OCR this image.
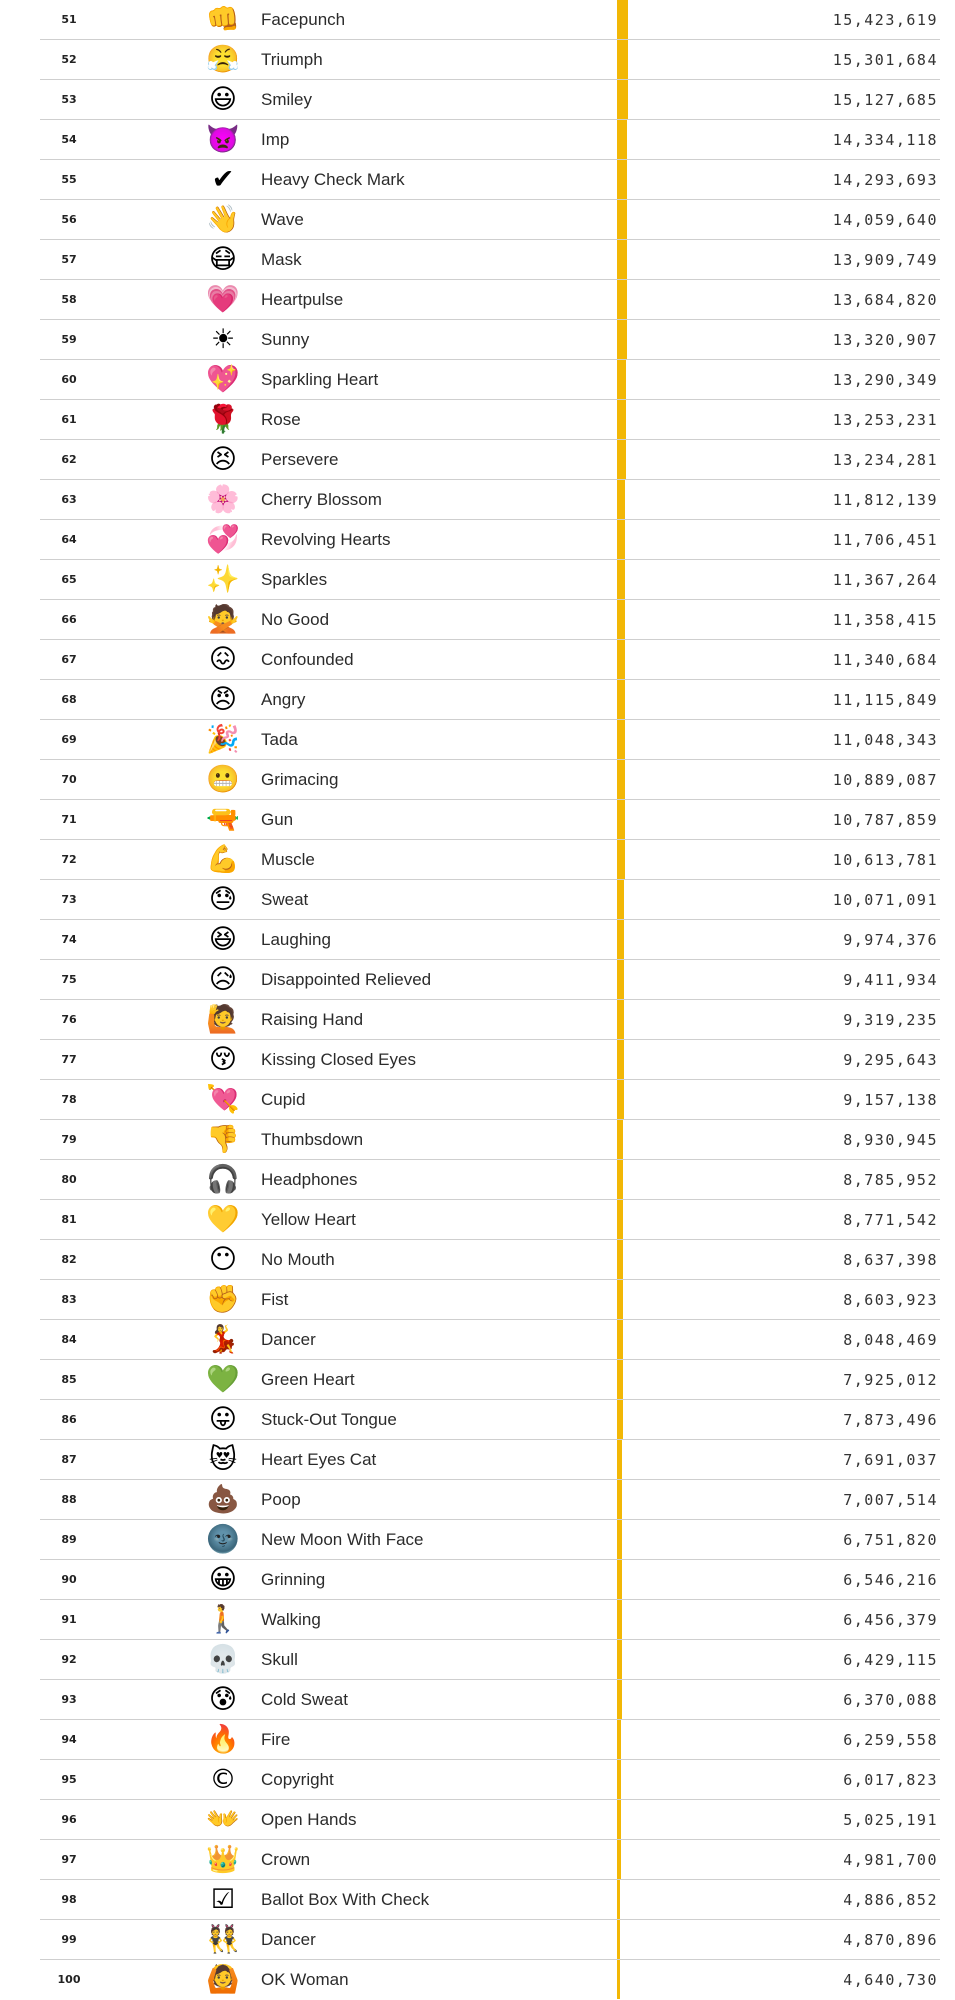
51	👊 Facepunch	15,423,619
52	😤 Triumph	15,301,684
53	😃 Smiley	15,127,685
54	👿 Imp	14,334,118
55	✔	Heavy Check Mark	14,293,693
56	👋 Wave	14,059,640
57	😷 Mask	13,909,749
58	💗 Heartpulse	13,684,820
59	☀ Sunny	13,320,907
60	💖 Sparkling Heart	13,290,349
61	🌹 Rose	13,253,231
62	😣 Persevere	13,234,281
63	🌸 Cherry Blossom	11,812,139
64	💞 Revolving Hearts	11,706,451
65	✨ Sparkles	11,367,264
66	🙅 No Good	11,358,415
67	😖 Confounded	11,340,684
68	😠 Angry	11,115,849
69	🎉 Tada	11,048,343
70	😬 Grimacing	10,889,087
71	🔫 Gun	10,787,859
72	💪 Muscle	10,613,781
73	😓 Sweat	10,071,091
74	😆 Laughing	9,974,376
75	😥 Disappointed Relieved	9,411,934
76	🙋 Raising Hand	9,319,235
77	😚 Kissing Closed Eyes	9,295,643
78	💘 Cupid	9,157,138
79	👎 Thumbsdown	8,930,945
80	🎧 Headphones	8,785,952
81	💛 Yellow Heart	8,771,542
82	😶 No Mouth	8,637,398
83	✊ Fist	8,603,923
84	💃 Dancer	8,048,469
85	💚 Green Heart	7,925,012
86	😛 Stuck-Out Tongue	7,873,496
87	😻 Heart Eyes Cat	7,691,037
88	💩 Poop	7,007,514
89	🌚 New Moon With Face	6,751,820
90	😀 Grinning	6,546,216
91	🚶 Walking	6,456,379
92	💀 Skull	6,429,115
93	😰 Cold Sweat	6,370,088
94	🔥 Fire	6,259,558
95	© Copyright	6,017,823
96	👐 Open Hands	5,025,191
97	👑 Crown	4,981,700
98	☑ Ballot Box With Check	4,886,852
99	👯 Dancer	4,870,896
100	🙆 OK Woman	4,640,730
